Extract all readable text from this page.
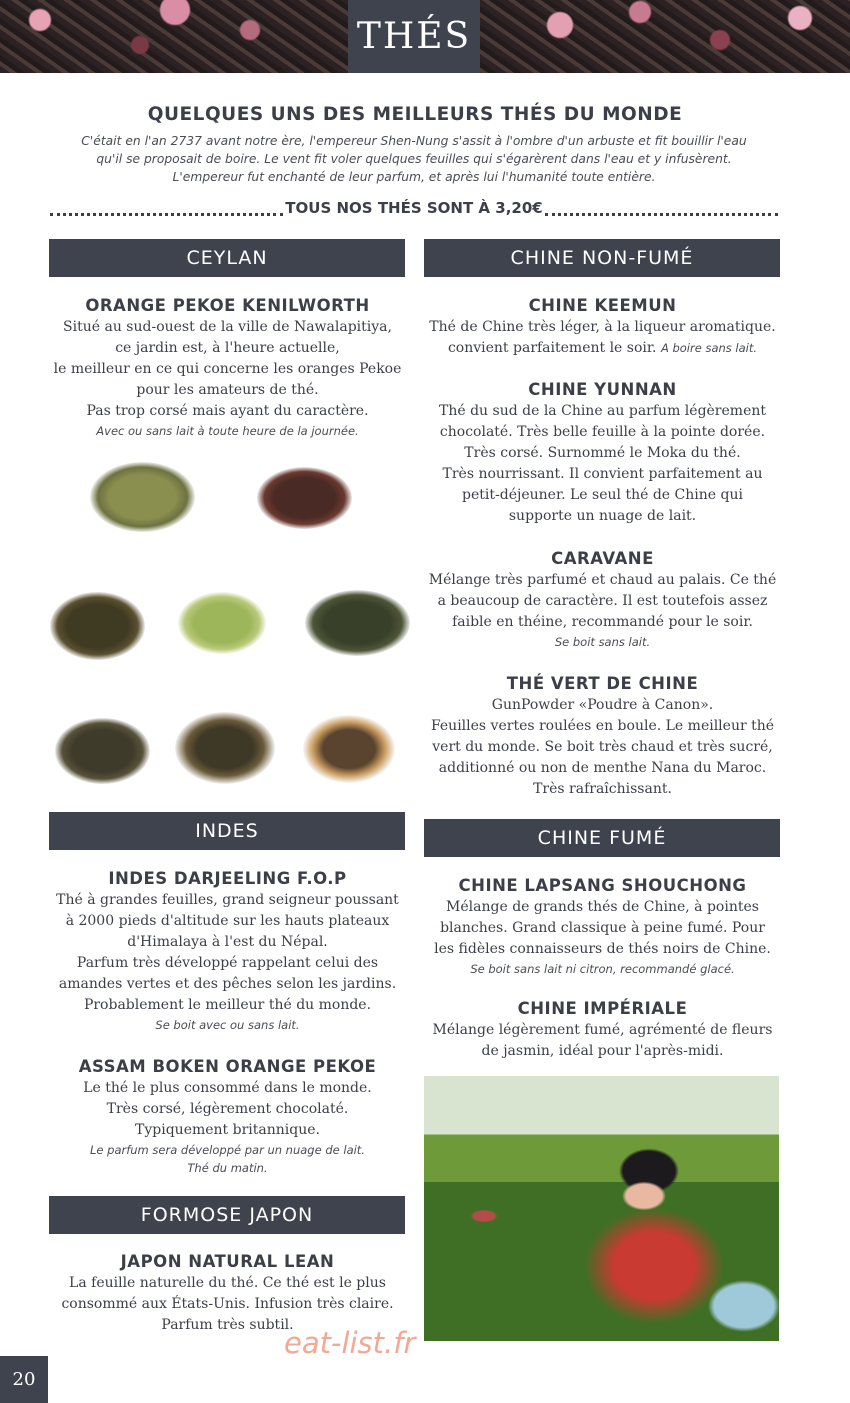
THÉS
QUELQUES UNS DES MEILLEURS THÉS DU MONDE
C'était en l'an 2737 avant notre ère, l'empereur Shen-Nung s'assit à l'ombre d'un arbuste et fit bouillir l'eau
qu'il se proposait de boire. Le vent fit voler quelques feuilles qui s'égarèrent dans l'eau et y infusèrent.
L'empereur fut enchanté de leur parfum, et après lui l'humanité toute entière.
TOUS NOS THÉS SONT À 3,20€
CEYLAN
ORANGE PEKOE KENILWORTH
Situé au sud-ouest de la ville de Nawalapitiya,
ce jardin est, à l'heure actuelle,
le meilleur en ce qui concerne les oranges Pekoe
pour les amateurs de thé.
Pas trop corsé mais ayant du caractère.
Avec ou sans lait à toute heure de la journée.
INDES
INDES DARJEELING F.O.P
Thé à grandes feuilles, grand seigneur poussant
à 2000 pieds d'altitude sur les hauts plateaux
d'Himalaya à l'est du Népal.
Parfum très développé rappelant celui des
amandes vertes et des pêches selon les jardins.
Probablement le meilleur thé du monde.
Se boit avec ou sans lait.
ASSAM BOKEN ORANGE PEKOE
Le thé le plus consommé dans le monde.
Très corsé, légèrement chocolaté.
Typiquement britannique.
Le parfum sera développé par un nuage de lait.
Thé du matin.
FORMOSE JAPON
JAPON NATURAL LEAN
La feuille naturelle du thé. Ce thé est le plus
consommé aux États-Unis. Infusion très claire.
Parfum très subtil.
CHINE NON-FUMÉ
CHINE KEEMUN
Thé de Chine très léger, à la liqueur aromatique.
convient parfaitement le soir. A boire sans lait.
CHINE YUNNAN
Thé du sud de la Chine au parfum légèrement
chocolaté. Très belle feuille à la pointe dorée.
Très corsé. Surnommé le Moka du thé.
Très nourrissant. Il convient parfaitement au
petit-déjeuner. Le seul thé de Chine qui
supporte un nuage de lait.
CARAVANE
Mélange très parfumé et chaud au palais. Ce thé
a beaucoup de caractère. Il est toutefois assez
faible en théine, recommandé pour le soir.
Se boit sans lait.
THÉ VERT DE CHINE
GunPowder «Poudre à Canon».
Feuilles vertes roulées en boule. Le meilleur thé
vert du monde. Se boit très chaud et très sucré,
additionné ou non de menthe Nana du Maroc.
Très rafraîchissant.
CHINE FUMÉ
CHINE LAPSANG SHOUCHONG
Mélange de grands thés de Chine, à pointes
blanches. Grand classique à peine fumé. Pour
les fidèles connaisseurs de thés noirs de Chine.
Se boit sans lait ni citron, recommandé glacé.
CHINE IMPÉRIALE
Mélange légèrement fumé, agrémenté de fleurs
de jasmin, idéal pour l'après-midi.
eat-list.fr
20
